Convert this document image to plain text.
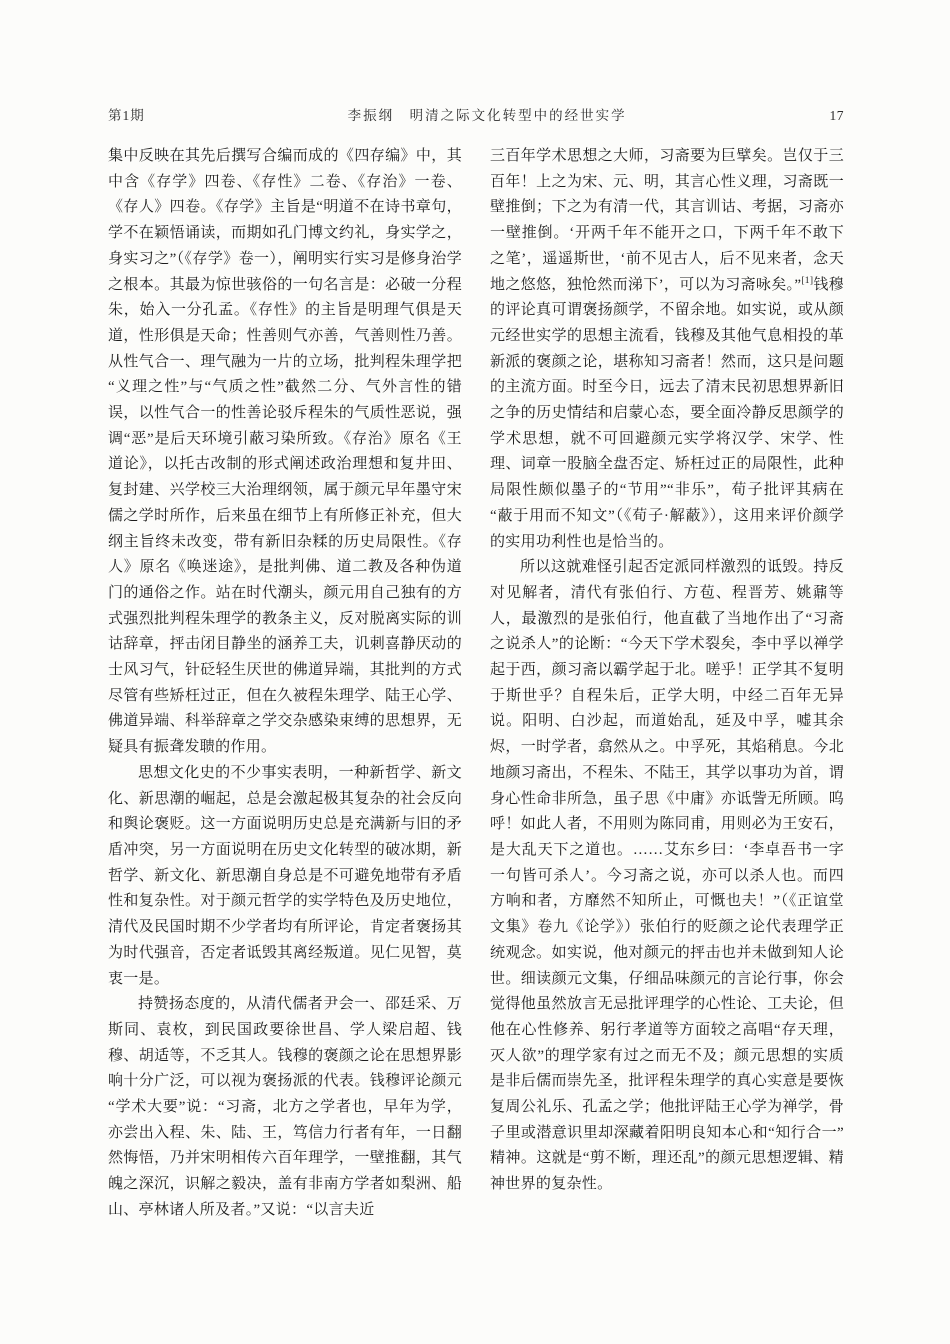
第1期	李振纲　明清之际文化转型中的经世实学	17

集中反映在其先后撰写合编而成的《四存编》中，其中含《存学》四卷、《存性》二卷、《存治》一卷、《存人》四卷。《存学》主旨是“明道不在诗书章句，学不在颖悟诵读，而期如孔门博文约礼，身实学之，身实习之”（《存学》卷一），阐明实行实习是修身治学之根本。其最为惊世骇俗的一句名言是：必破一分程朱，始入一分孔孟。《存性》的主旨是明理气俱是天道，性形俱是天命；性善则气亦善，气善则性乃善。从性气合一、理气融为一片的立场，批判程朱理学把“义理之性”与“气质之性”截然二分、气外言性的错误，以性气合一的性善论驳斥程朱的气质性恶说，强调“恶”是后天环境引蔽习染所致。《存治》原名《王道论》，以托古改制的形式阐述政治理想和复井田、复封建、兴学校三大治理纲领，属于颜元早年墨守宋儒之学时所作，后来虽在细节上有所修正补充，但大纲主旨终未改变，带有新旧杂糅的历史局限性。《存人》原名《唤迷途》，是批判佛、道二教及各种伪道门的通俗之作。站在时代潮头，颜元用自己独有的方式强烈批判程朱理学的教条主义，反对脱离实际的训诂辞章，抨击闭目静坐的涵养工夫，讥刺喜静厌动的士风习气，针砭轻生厌世的佛道异端，其批判的方式尽管有些矫枉过正，但在久被程朱理学、陆王心学、佛道异端、科举辞章之学交杂感染束缚的思想界，无疑具有振聋发聩的作用。

思想文化史的不少事实表明，一种新哲学、新文化、新思潮的崛起，总是会激起极其复杂的社会反向和舆论褒贬。这一方面说明历史总是充满新与旧的矛盾冲突，另一方面说明在历史文化转型的破冰期，新哲学、新文化、新思潮自身总是不可避免地带有矛盾性和复杂性。对于颜元哲学的实学特色及历史地位，清代及民国时期不少学者均有所评论，肯定者褒扬其为时代强音，否定者诋毁其离经叛道。见仁见智，莫衷一是。

持赞扬态度的，从清代儒者尹会一、邵廷采、万斯同、袁枚，到民国政要徐世昌、学人梁启超、钱穆、胡适等，不乏其人。钱穆的褒颜之论在思想界影响十分广泛，可以视为褒扬派的代表。钱穆评论颜元“学术大要”说：“习斋，北方之学者也，早年为学，亦尝出入程、朱、陆、王，笃信力行者有年，一日翻然悔悟，乃并宋明相传六百年理学，一壁推翻，其气魄之深沉，识解之毅决，盖有非南方学者如梨洲、船山、亭林诸人所及者。”又说：“以言夫近

三百年学术思想之大师，习斋要为巨擘矣。岂仅于三百年！上之为宋、元、明，其言心性义理，习斋既一壁推倒；下之为有清一代，其言训诂、考据，习斋亦一壁推倒。‘开两千年不能开之口，下两千年不敢下之笔’，遥遥斯世，‘前不见古人，后不见来者，念天地之悠悠，独怆然而涕下’，可以为习斋咏矣。”[1]钱穆的评论真可谓褒扬颜学，不留余地。如实说，或从颜元经世实学的思想主流看，钱穆及其他气息相投的革新派的褒颜之论，堪称知习斋者！然而，这只是问题的主流方面。时至今日，远去了清末民初思想界新旧之争的历史情结和启蒙心态，要全面冷静反思颜学的学术思想，就不可回避颜元实学将汉学、宋学、性理、词章一股脑全盘否定、矫枉过正的局限性，此种局限性颇似墨子的“节用”“非乐”，荀子批评其病在“蔽于用而不知文”（《荀子·解蔽》），这用来评价颜学的实用功利性也是恰当的。

所以这就难怪引起否定派同样激烈的诋毁。持反对见解者，清代有张伯行、方苞、程晋芳、姚鼐等人，最激烈的是张伯行，他直截了当地作出了“习斋之说杀人”的论断：“今天下学术裂矣，李中孚以禅学起于西，颜习斋以霸学起于北。嗟乎！正学其不复明于斯世乎？自程朱后，正学大明，中经二百年无异说。阳明、白沙起，而道始乱，延及中孚，嘘其余烬，一时学者，翕然从之。中孚死，其焰稍息。今北地颜习斋出，不程朱、不陆王，其学以事功为首，谓身心性命非所急，虽子思《中庸》亦诋訾无所顾。呜呼！如此人者，不用则为陈同甫，用则必为王安石，是大乱天下之道也。……艾东乡曰：‘李卓吾书一字一句皆可杀人’。今习斋之说，亦可以杀人也。而四方响和者，方靡然不知所止，可慨也夫！”（《正谊堂文集》卷九《论学》）张伯行的贬颜之论代表理学正统观念。如实说，他对颜元的抨击也并未做到知人论世。细读颜元文集，仔细品味颜元的言论行事，你会觉得他虽然放言无忌批评理学的心性论、工夫论，但他在心性修养、躬行孝道等方面较之高唱“存天理，灭人欲”的理学家有过之而无不及；颜元思想的实质是非后儒而崇先圣，批评程朱理学的真心实意是要恢复周公礼乐、孔孟之学；他批评陆王心学为禅学，骨子里或潜意识里却深藏着阳明良知本心和“知行合一”精神。这就是“剪不断，理还乱”的颜元思想逻辑、精神世界的复杂性。
